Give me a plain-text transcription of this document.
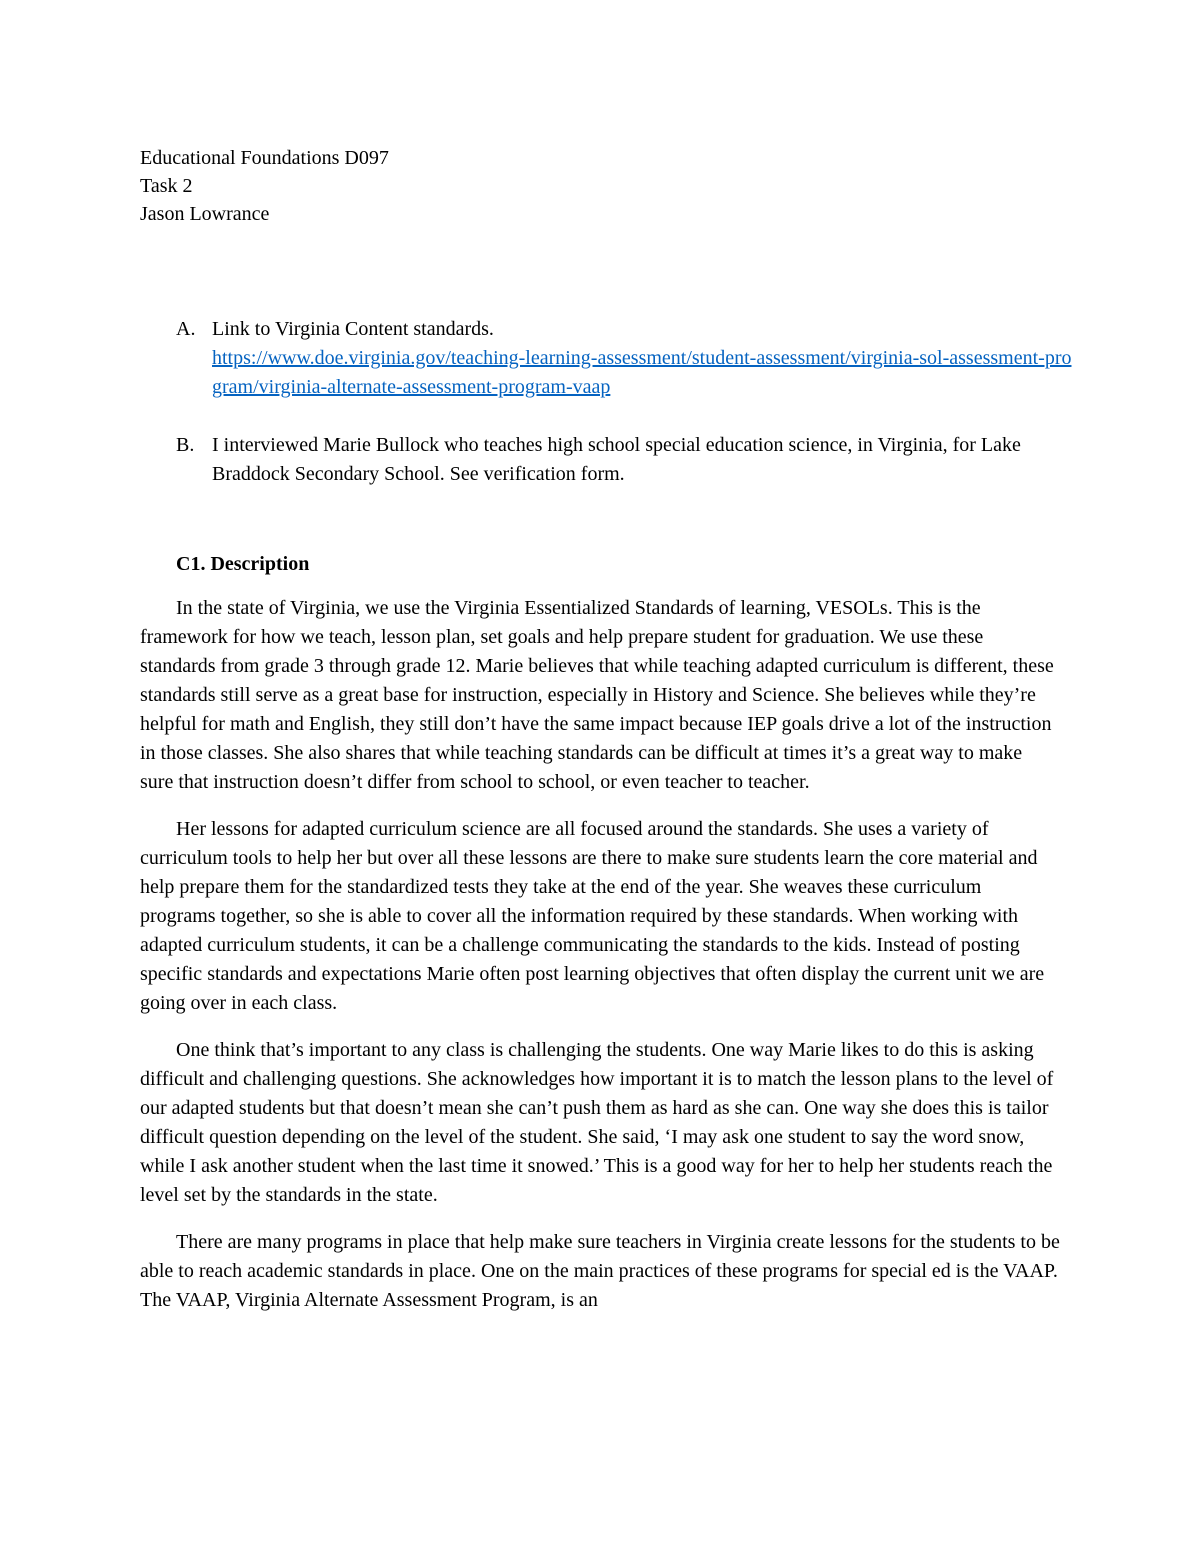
Educational Foundations D097
Task 2
Jason Lowrance
A. Link to Virginia Content standards.
https://www.doe.virginia.gov/teaching-learning-assessment/student-assessment/virginia-sol-assessment-program/virginia-alternate-assessment-program-vaap
B. I interviewed Marie Bullock who teaches high school special education science, in Virginia, for Lake Braddock Secondary School. See verification form.
C1. Description

In the state of Virginia, we use the Virginia Essentialized Standards of learning, VESOLs. This is the framework for how we teach, lesson plan, set goals and help prepare student for graduation. We use these standards from grade 3 through grade 12. Marie believes that while teaching adapted curriculum is different, these standards still serve as a great base for instruction, especially in History and Science. She believes while they’re helpful for math and English, they still don’t have the same impact because IEP goals drive a lot of the instruction in those classes. She also shares that while teaching standards can be difficult at times it’s a great way to make sure that instruction doesn’t differ from school to school, or even teacher to teacher.

Her lessons for adapted curriculum science are all focused around the standards. She uses a variety of curriculum tools to help her but over all these lessons are there to make sure students learn the core material and help prepare them for the standardized tests they take at the end of the year. She weaves these curriculum programs together, so she is able to cover all the information required by these standards. When working with adapted curriculum students, it can be a challenge communicating the standards to the kids. Instead of posting specific standards and expectations Marie often post learning objectives that often display the current unit we are going over in each class.

One think that’s important to any class is challenging the students. One way Marie likes to do this is asking difficult and challenging questions. She acknowledges how important it is to match the lesson plans to the level of our adapted students but that doesn’t mean she can’t push them as hard as she can. One way she does this is tailor difficult question depending on the level of the student. She said, ‘I may ask one student to say the word snow, while I ask another student when the last time it snowed.’ This is a good way for her to help her students reach the level set by the standards in the state.

There are many programs in place that help make sure teachers in Virginia create lessons for the students to be able to reach academic standards in place. One on the main practices of these programs for special ed is the VAAP. The VAAP, Virginia Alternate Assessment Program, is an
